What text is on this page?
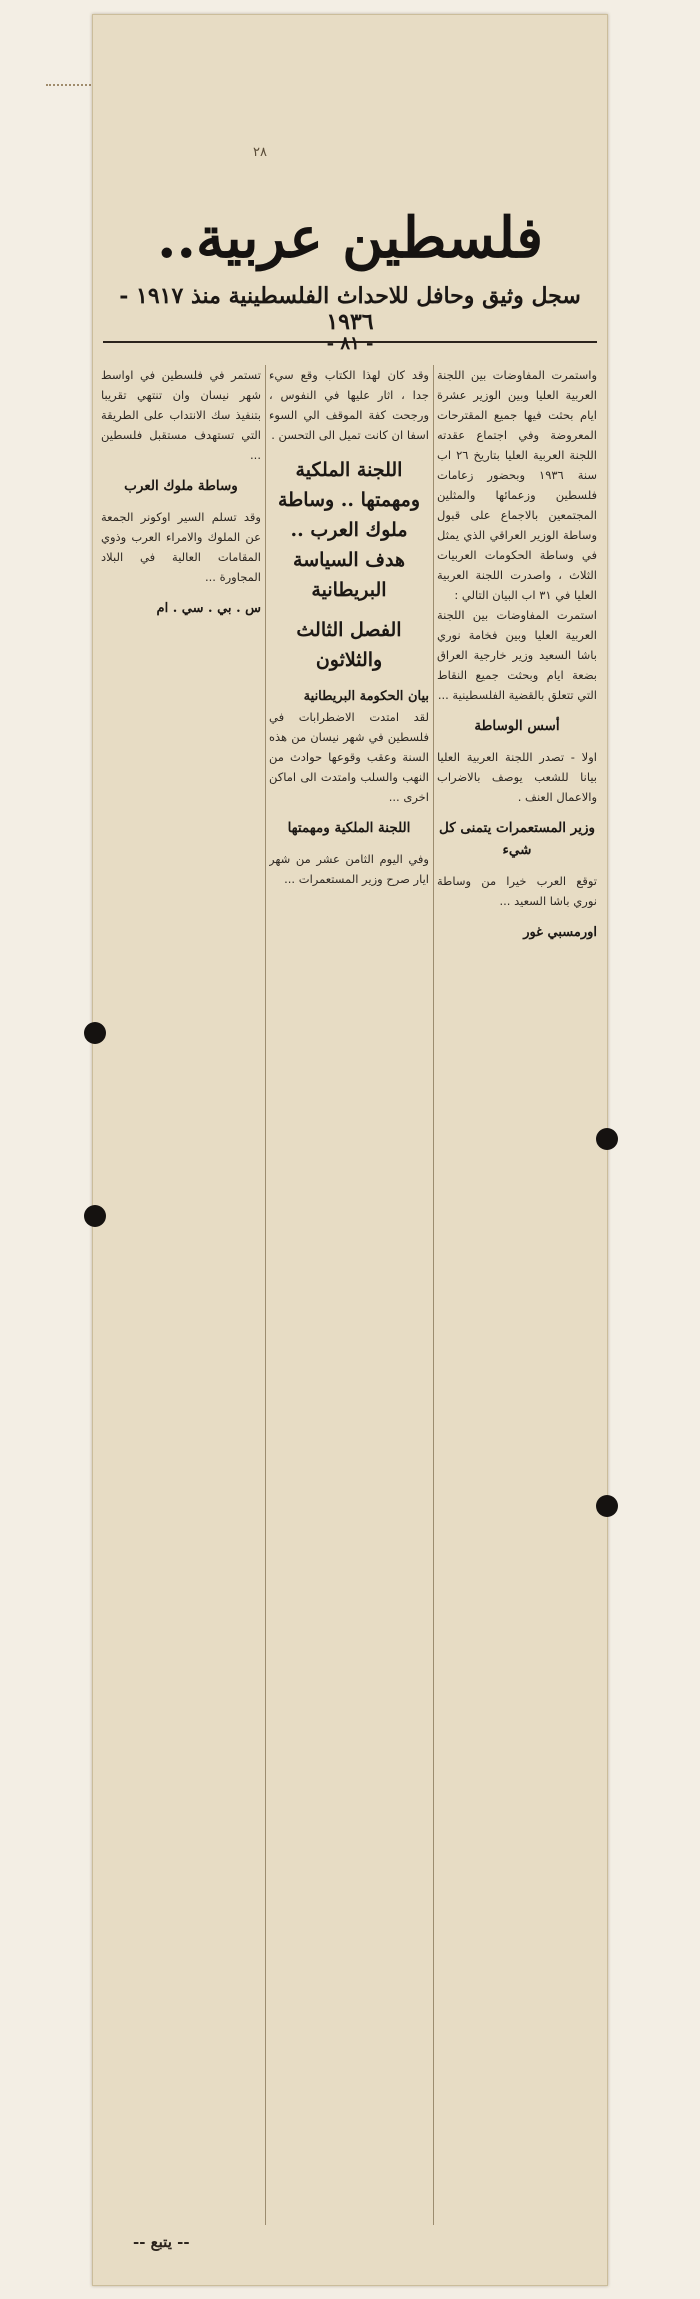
٢٨
فلسطين عربية..
سجل وثيق وحافل للاحداث الفلسطينية منذ ١٩١٧ - ١٩٣٦
- ٨١ -
واستمرت المفاوضات بين اللجنة العربية العليا وبين الوزير عشرة ايام بحثت فيها جميع المقترحات المعروضة وفي اجتماع عقدته اللجنة العربية العليا بتاريخ ٢٦ اب سنة ١٩٣٦ وبحضور زعامات فلسطين وزعمائها والمثلين المجتمعين بالاجماع على قبول وساطة الوزير العراقي الذي يمثل في وساطة الحكومات العربيات الثلاث ، واصدرت اللجنة العربية العليا في ٣١ اب البيان التالي :
استمرت المفاوضات بين اللجنة العربية العليا وبين فخامة نوري باشا السعيد وزير خارجية العراق بضعة ايام وبحثت جميع النقاط التي تتعلق بالقضية الفلسطينية ...
أسس الوساطة
اولا - تصدر اللجنة العربية العليا بيانا للشعب يوصف بالاضراب والاعمال العنف .
وزير المستعمرات يتمنى كل شيء
توقع العرب خيرا من وساطة نوري باشا السعيد ...
اورمسبي غور
وقد كان لهذا الكتاب وقع سيء جدا ، اثار عليها في النفوس ، ورجحت كفة الموقف الي السوء اسفا ان كانت تميل الى التحسن .
اللجنة الملكية ومهمتها .. وساطة ملوك العرب .. هدف السياسة البريطانية
الفصل الثالث والثلاثون
بيان الحكومة البريطانية
لقد امتدت الاضطرابات في فلسطين في شهر نيسان من هذه السنة وعقب وقوعها حوادث من النهب والسلب وامتدت الى اماكن اخرى ...
اللجنة الملكية ومهمتها
وفي اليوم الثامن عشر من شهر ايار صرح وزير المستعمرات ...
تستمر في فلسطين في اواسط شهر نيسان وان تنتهي تقريبا بتنفيذ سك الانتداب على الطريقة التي تستهدف مستقبل فلسطين ...
وساطة ملوك العرب
وقد تسلم السير اوكونر الجمعة عن الملوك والامراء العرب وذوي المقامات العالية في البلاد المجاورة ...
س . بي . سي . ام
-- يتبع --
